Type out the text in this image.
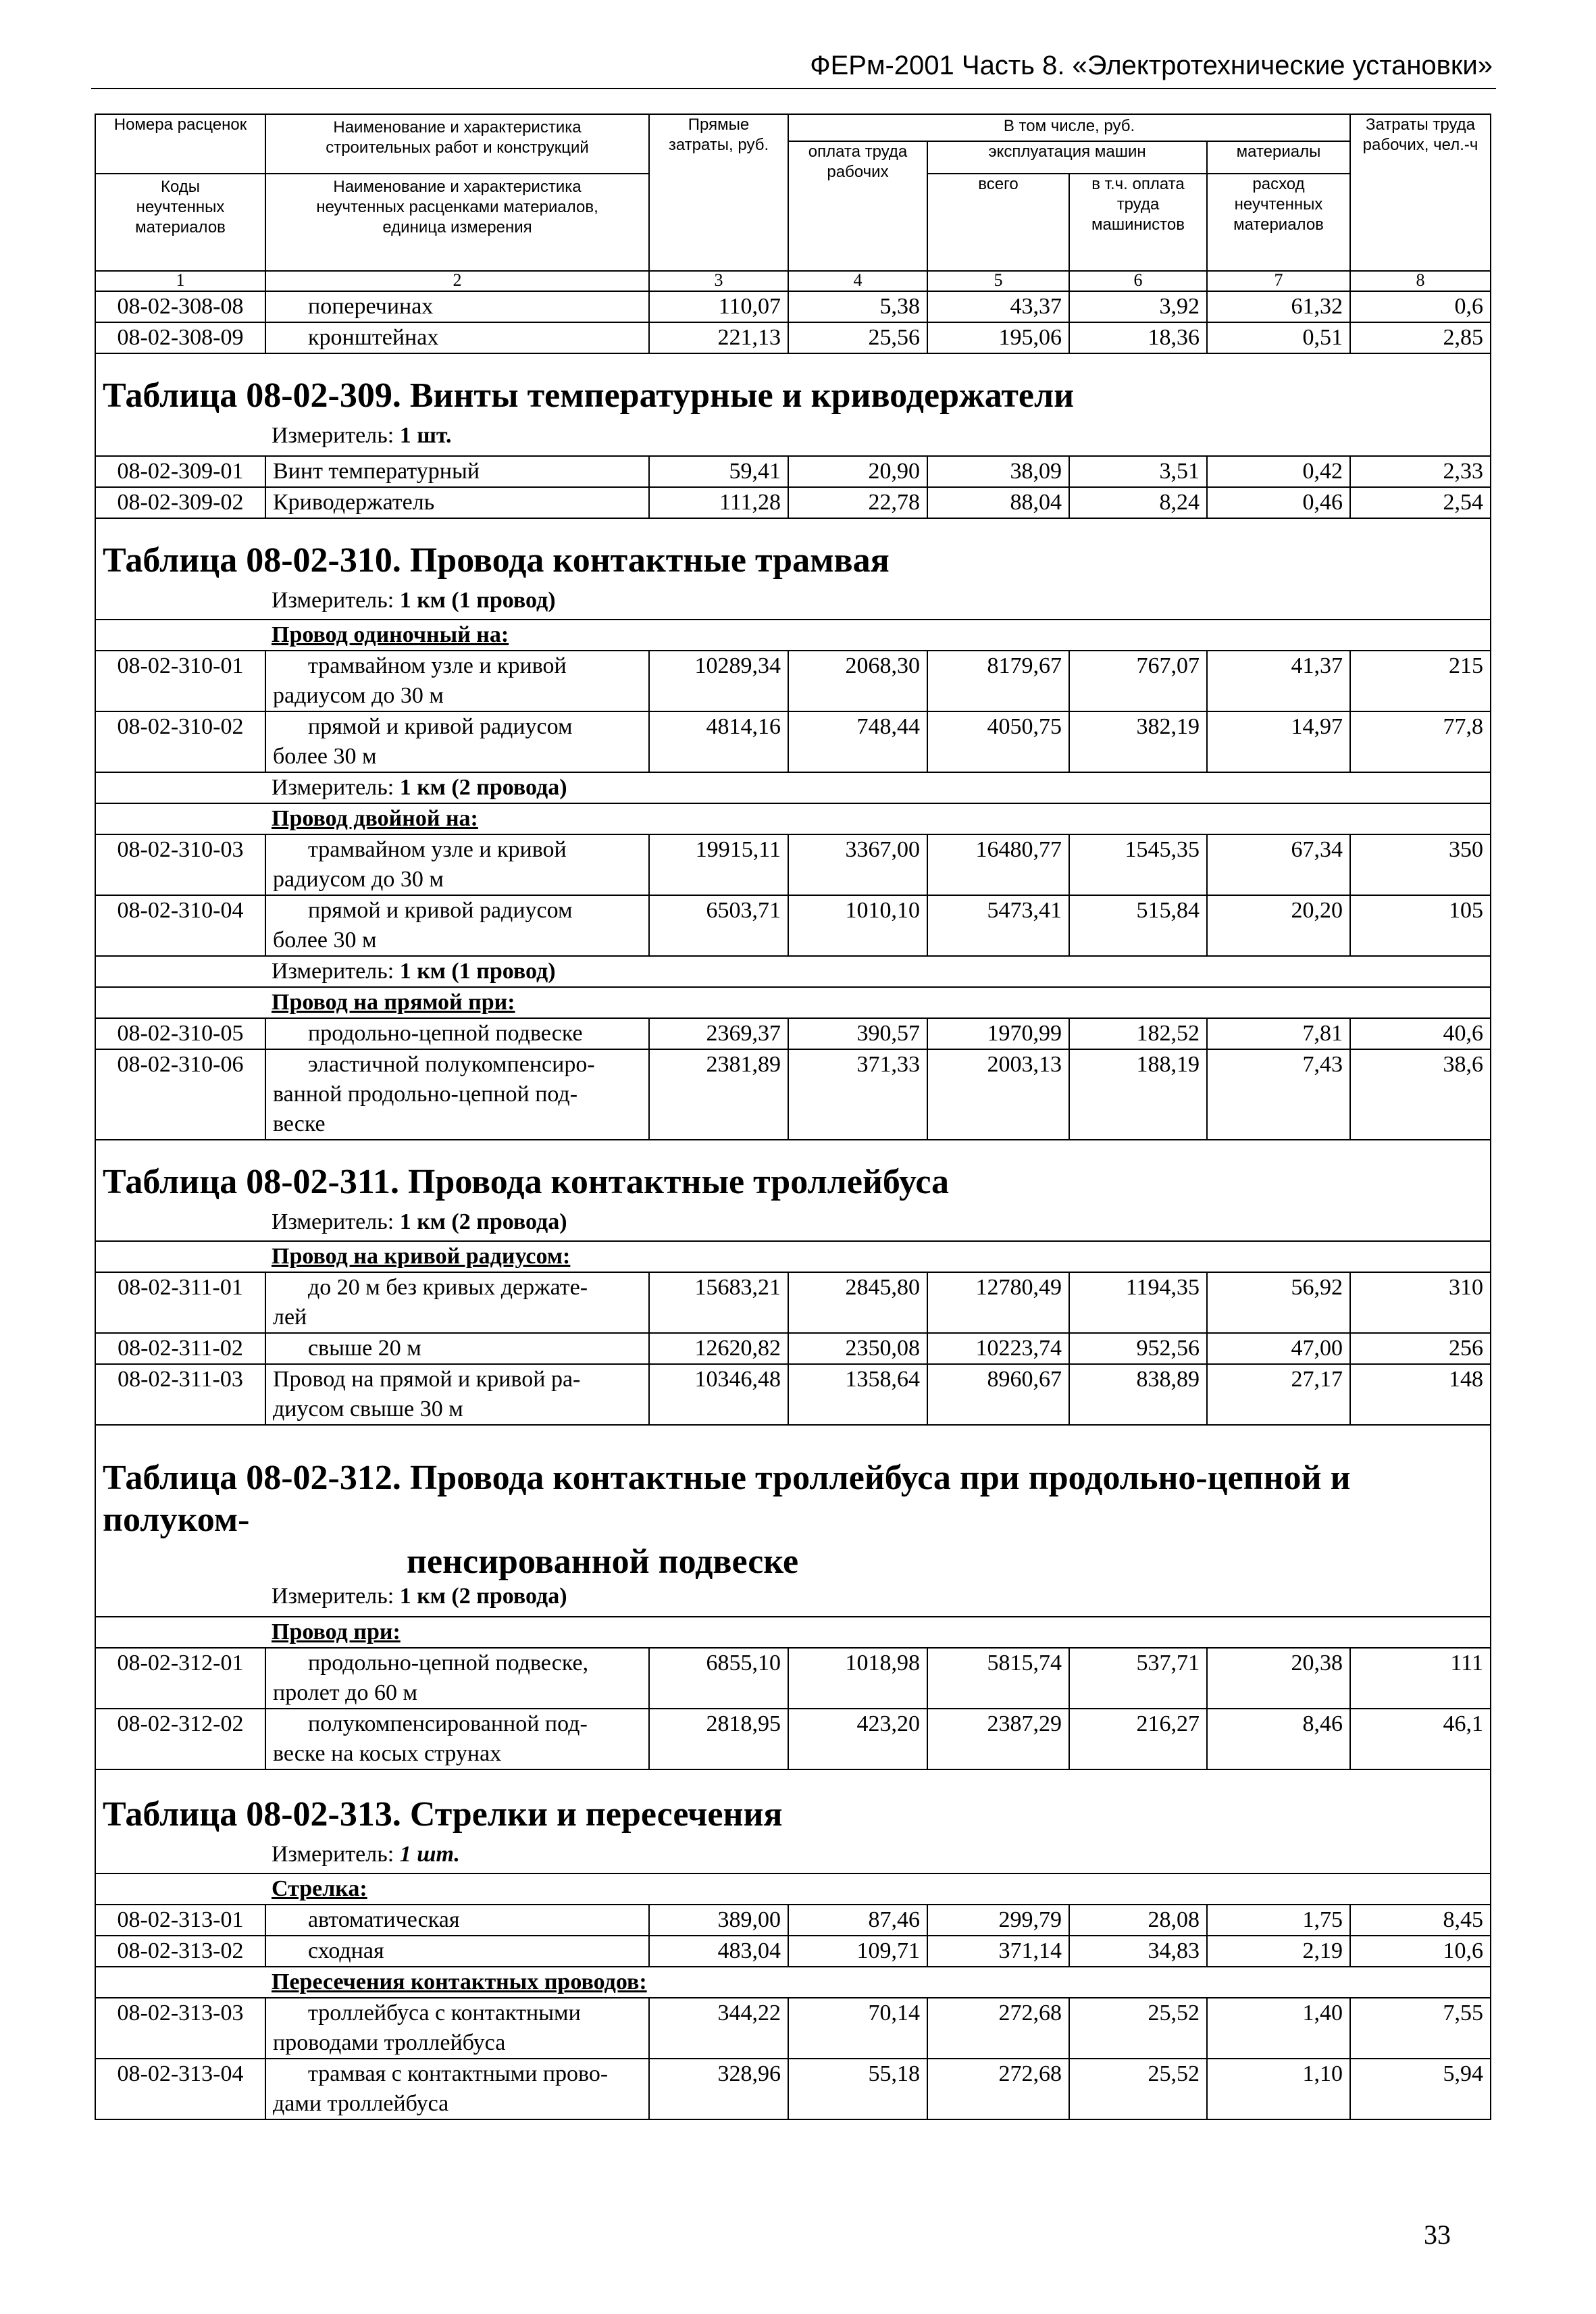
ФЕРм-2001 Часть 8. «Электротехнические установки»
Номера расценок	Наименование и характеристика строительных работ и конструкций	Прямые затраты, руб.	В том числе, руб.				Затраты труда рабочих, чел.-ч
			оплата труда рабочих	эксплуатация машин		материалы	
Коды неучтенных материалов	Наименование и характеристика неучтенных расценками материалов, единица измерения			всего	в т.ч. оплата труда машинистов	расход неучтенных материалов	

1	2	3	4	5	6	7	8
08-02-308-08	поперечинах	110,07	5,38	43,37	3,92	61,32	0,6
08-02-308-09	кронштейнах	221,13	25,56	195,06	18,36	0,51	2,85

Таблица 08-02-309. Винты температурные и криводержатели							
Измеритель: 1 шт.							
08-02-309-01	Винт температурный	59,41	20,90	38,09	3,51	0,42	2,33
08-02-309-02	Криводержатель	111,28	22,78	88,04	8,24	0,46	2,54

Таблица 08-02-310. Провода контактные трамвая							
Измеритель: 1 км (1 провод)							
Провод одиночный на:							
08-02-310-01	трамвайном узле и кривой
радиусом до 30 м	10289,34	2068,30	8179,67	767,07	41,37	215
08-02-310-02	прямой и кривой радиусом
более 30 м	4814,16	748,44	4050,75	382,19	14,97	77,8
Измеритель: 1 км (2 провода)							
Провод двойной на:							
08-02-310-03	трамвайном узле и кривой
радиусом до 30 м	19915,11	3367,00	16480,77	1545,35	67,34	350
08-02-310-04	прямой и кривой радиусом
более 30 м	6503,71	1010,10	5473,41	515,84	20,20	105
Измеритель: 1 км (1 провод)							
Провод на прямой при:							
08-02-310-05	продольно-цепной подвеске	2369,37	390,57	1970,99	182,52	7,81	40,6
08-02-310-06	эластичной полукомпенсиро-
ванной продольно-цепной под-
веске	2381,89	371,33	2003,13	188,19	7,43	38,6

Таблица 08-02-311. Провода контактные троллейбуса							
Измеритель: 1 км (2 провода)							
Провод на кривой радиусом:							
08-02-311-01	до 20 м без кривых держате-
лей	15683,21	2845,80	12780,49	1194,35	56,92	310
08-02-311-02	свыше 20 м	12620,82	2350,08	10223,74	952,56	47,00	256
08-02-311-03	Провод на прямой и кривой ра-
диусом свыше 30 м	10346,48	1358,64	8960,67	838,89	27,17	148

Таблица 08-02-312. Провода контактные троллейбуса при продольно-цепной и полуком-
пенсированной подвеске							

Измеритель: 1 км (2 провода)							
Провод при:							
08-02-312-01	продольно-цепной подвеске,
пролет до 60 м	6855,10	1018,98	5815,74	537,71	20,38	111
08-02-312-02	полукомпенсированной под-
веске на косых струнах	2818,95	423,20	2387,29	216,27	8,46	46,1

Таблица 08-02-313. Стрелки и пересечения							
Измеритель: 1 шт.							
Стрелка:							
08-02-313-01	автоматическая	389,00	87,46	299,79	28,08	1,75	8,45
08-02-313-02	сходная	483,04	109,71	371,14	34,83	2,19	10,6
Пересечения контактных проводов:							
08-02-313-03	троллейбуса с контактными
проводами троллейбуса	344,22	70,14	272,68	25,52	1,40	7,55
08-02-313-04	трамвая с контактными прово-
дами троллейбуса	328,96	55,18	272,68	25,52	1,10	5,94
33
